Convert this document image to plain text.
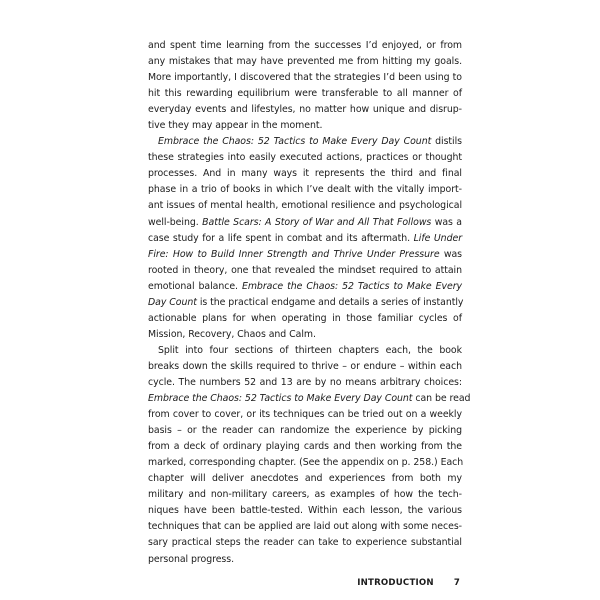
and spent time learning from the successes I’d enjoyed, or from
any mistakes that may have prevented me from hitting my goals.
More importantly, I discovered that the strategies I’d been using to
hit this rewarding equilibrium were transferable to all manner of
everyday events and lifestyles, no matter how unique and disrup-
tive they may appear in the moment.
Embrace the Chaos: 52 Tactics to Make Every Day Count distils
these strategies into easily executed actions, practices or thought
processes. And in many ways it represents the third and final
phase in a trio of books in which I’ve dealt with the vitally import-
ant issues of mental health, emotional resilience and psychological
well-being. Battle Scars: A Story of War and All That Follows was a
case study for a life spent in combat and its aftermath. Life Under
Fire: How to Build Inner Strength and Thrive Under Pressure was
rooted in theory, one that revealed the mindset required to attain
emotional balance. Embrace the Chaos: 52 Tactics to Make Every
Day Count is the practical endgame and details a series of instantly
actionable plans for when operating in those familiar cycles of
Mission, Recovery, Chaos and Calm.
Split into four sections of thirteen chapters each, the book
breaks down the skills required to thrive – or endure – within each
cycle. The numbers 52 and 13 are by no means arbitrary choices:
Embrace the Chaos: 52 Tactics to Make Every Day Count can be read
from cover to cover, or its techniques can be tried out on a weekly
basis – or the reader can randomize the experience by picking
from a deck of ordinary playing cards and then working from the
marked, corresponding chapter. (See the appendix on p. 258.) Each
chapter will deliver anecdotes and experiences from both my
military and non-military careers, as examples of how the tech-
niques have been battle-tested. Within each lesson, the various
techniques that can be applied are laid out along with some neces-
sary practical steps the reader can take to experience substantial
personal progress.
INTRODUCTION 7
